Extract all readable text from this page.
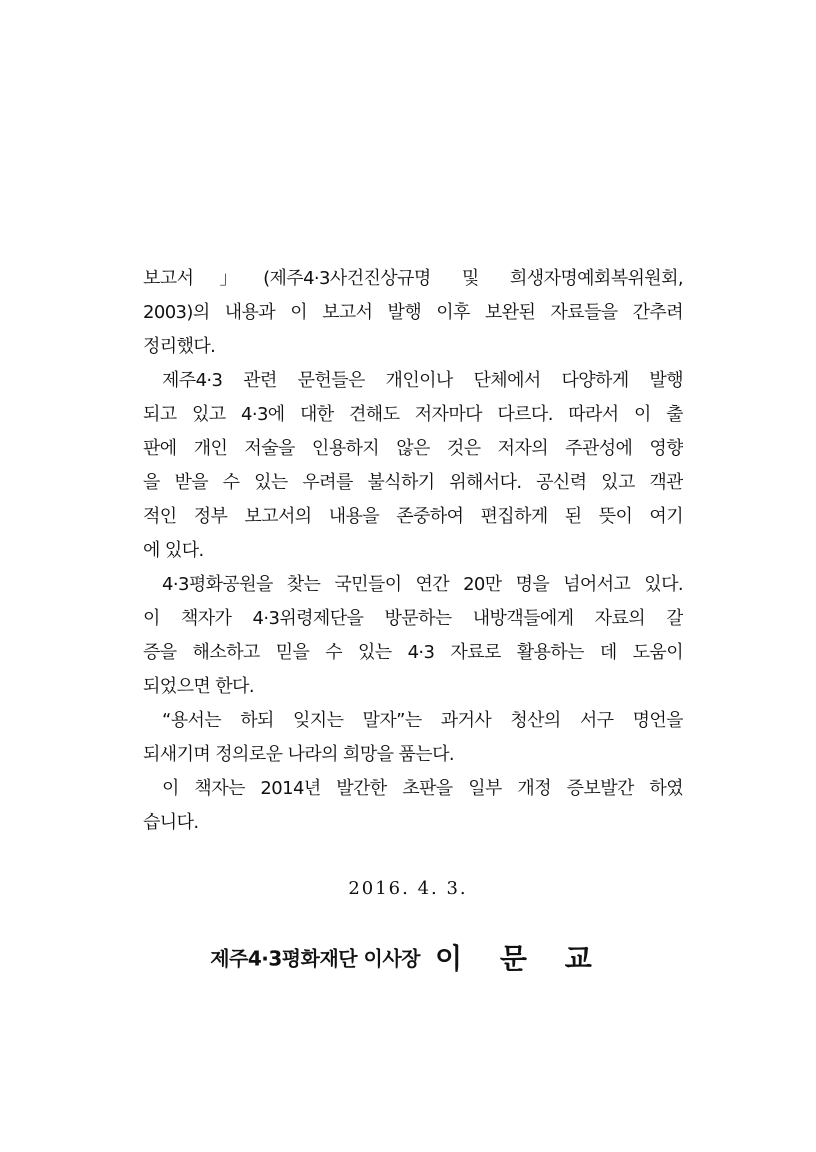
보고서」(제주4·3사건진상규명 및 희생자명예회복위원회,
2003)의 내용과 이 보고서 발행 이후 보완된 자료들을 간추려
정리했다.
제주4·3 관련 문헌들은 개인이나 단체에서 다양하게 발행
되고 있고 4·3에 대한 견해도 저자마다 다르다. 따라서 이 출
판에 개인 저술을 인용하지 않은 것은 저자의 주관성에 영향
을 받을 수 있는 우려를 불식하기 위해서다. 공신력 있고 객관
적인 정부 보고서의 내용을 존중하여 편집하게 된 뜻이 여기
에 있다.
4·3평화공원을 찾는 국민들이 연간 20만 명을 넘어서고 있다.
이 책자가 4·3위령제단을 방문하는 내방객들에게 자료의 갈
증을 해소하고 믿을 수 있는 4·3 자료로 활용하는 데 도움이
되었으면 한다.
“용서는 하되 잊지는 말자”는 과거사 청산의 서구 명언을
되새기며 정의로운 나라의 희망을 품는다.
이 책자는 2014년 발간한 초판을 일부 개정 증보발간 하였
습니다.
2016. 4. 3.
제주4·3평화재단 이사장 이 문 교
